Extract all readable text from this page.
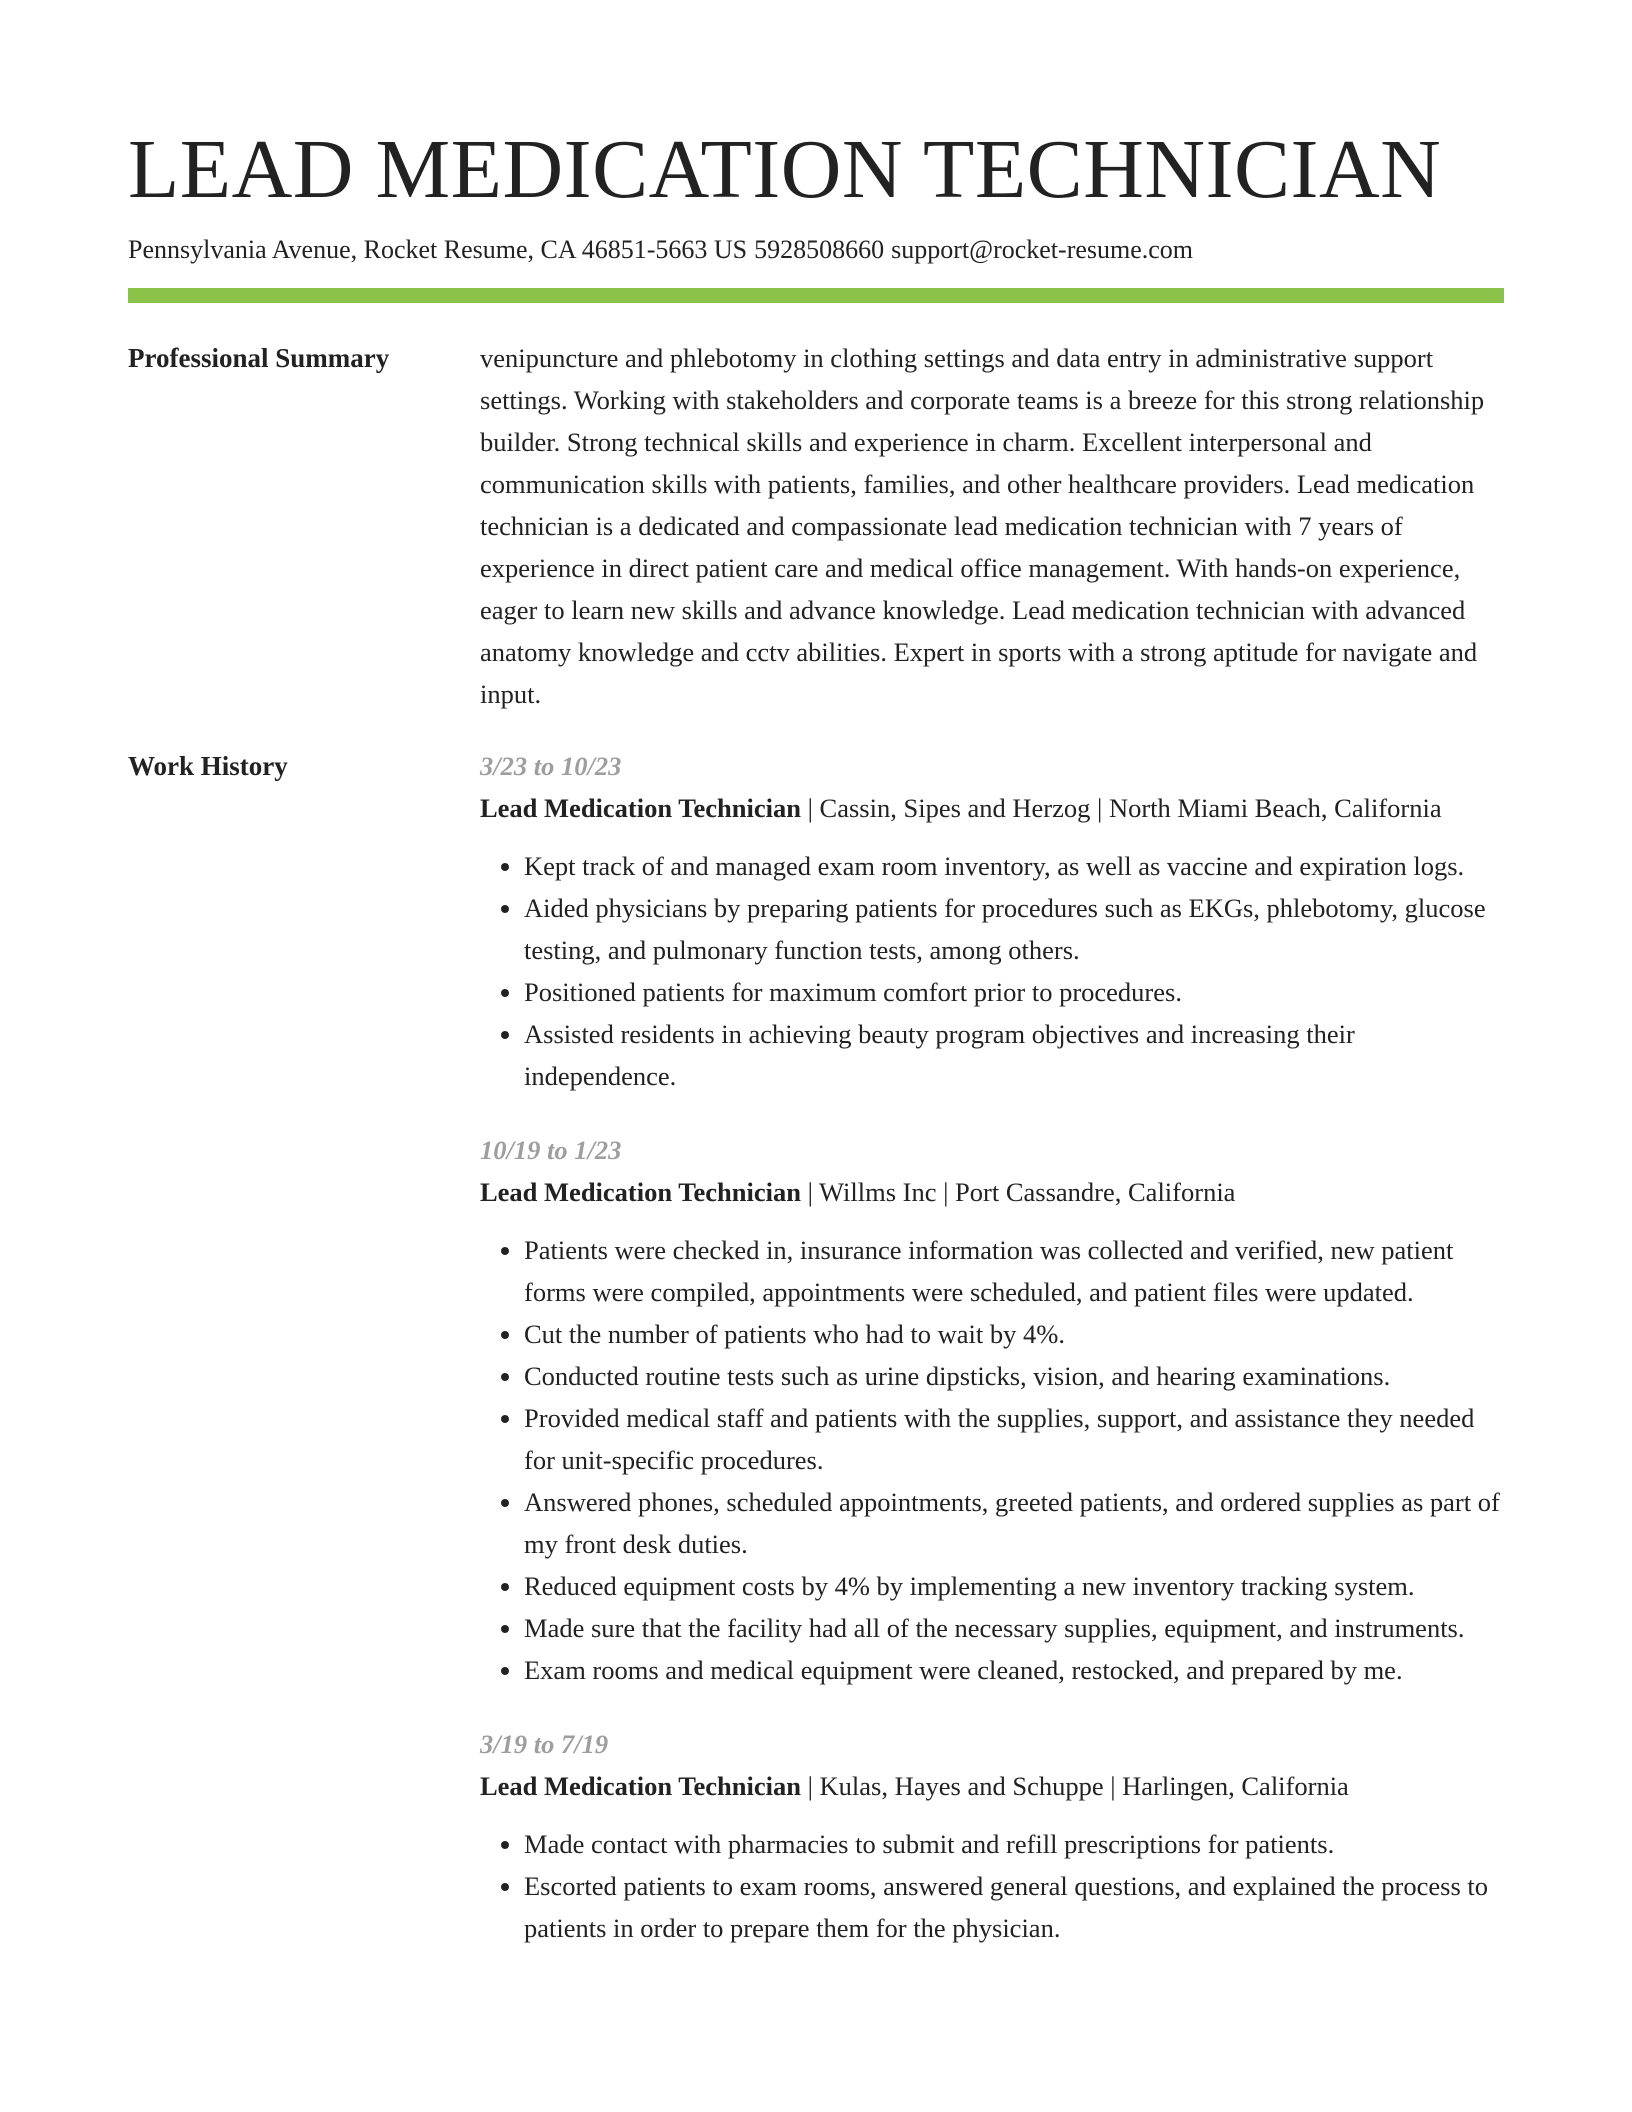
LEAD MEDICATION TECHNICIAN
Pennsylvania Avenue, Rocket Resume, CA 46851-5663 US 5928508660 support@rocket-resume.com
Professional Summary	venipuncture and phlebotomy in clothing settings and data entry in administrative support settings. Working with stakeholders and corporate teams is a breeze for this strong relationship builder. Strong technical skills and experience in charm. Excellent interpersonal and communication skills with patients, families, and other healthcare providers. Lead medication technician is a dedicated and compassionate lead medication technician with 7 years of experience in direct patient care and medical office management. With hands-on experience, eager to learn new skills and advance knowledge. Lead medication technician with advanced anatomy knowledge and cctv abilities. Expert in sports with a strong aptitude for navigate and input.

Work History	3/23 to 10/23
Lead Medication Technician | Cassin, Sipes and Herzog | North Miami Beach, California
• Kept track of and managed exam room inventory, as well as vaccine and expiration logs.
• Aided physicians by preparing patients for procedures such as EKGs, phlebotomy, glucose testing, and pulmonary function tests, among others.
• Positioned patients for maximum comfort prior to procedures.
• Assisted residents in achieving beauty program objectives and increasing their independence.
10/19 to 1/23
Lead Medication Technician | Willms Inc | Port Cassandre, California
• Patients were checked in, insurance information was collected and verified, new patient forms were compiled, appointments were scheduled, and patient files were updated.
• Cut the number of patients who had to wait by 4%.
• Conducted routine tests such as urine dipsticks, vision, and hearing examinations.
• Provided medical staff and patients with the supplies, support, and assistance they needed for unit-specific procedures.
• Answered phones, scheduled appointments, greeted patients, and ordered supplies as part of my front desk duties.
• Reduced equipment costs by 4% by implementing a new inventory tracking system.
• Made sure that the facility had all of the necessary supplies, equipment, and instruments.
• Exam rooms and medical equipment were cleaned, restocked, and prepared by me.
3/19 to 7/19
Lead Medication Technician | Kulas, Hayes and Schuppe | Harlingen, California
• Made contact with pharmacies to submit and refill prescriptions for patients.
• Escorted patients to exam rooms, answered general questions, and explained the process to patients in order to prepare them for the physician.
